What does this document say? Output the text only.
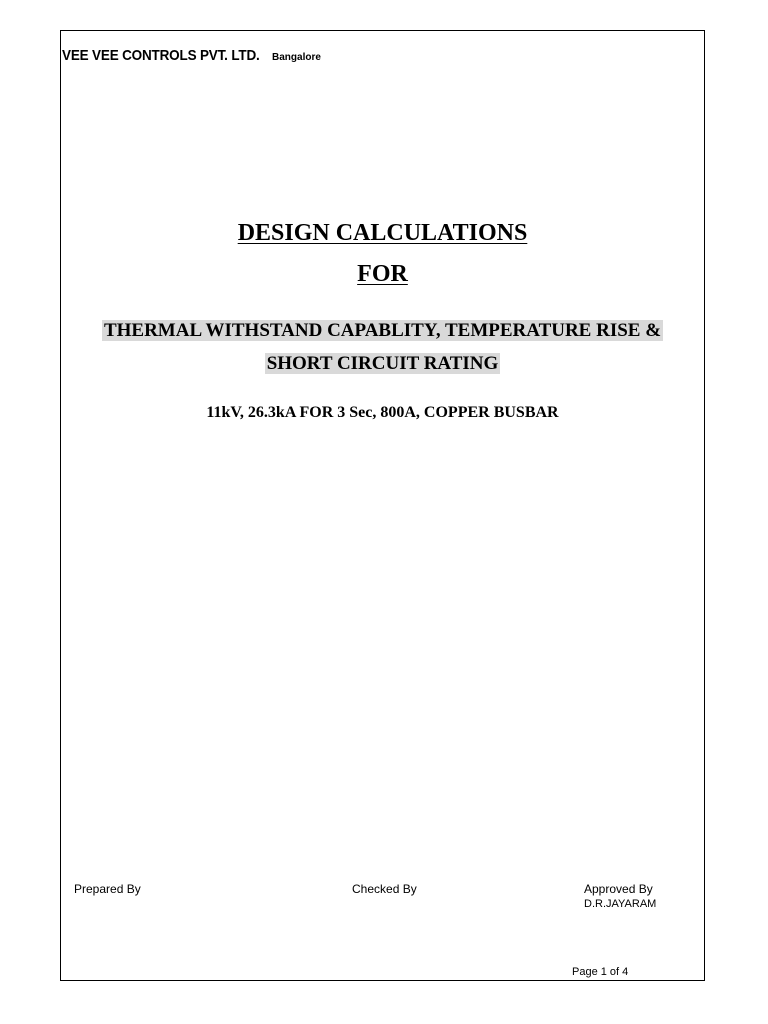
VEE VEE CONTROLS PVT. LTD. Bangalore
DESIGN CALCULATIONS
FOR
THERMAL WITHSTAND CAPABLITY, TEMPERATURE RISE &
SHORT CIRCUIT RATING
11kV, 26.3kA FOR 3 Sec, 800A, COPPER BUSBAR
Prepared By	Checked By	Approved By
D.R.JAYARAM
Page 1 of 4
